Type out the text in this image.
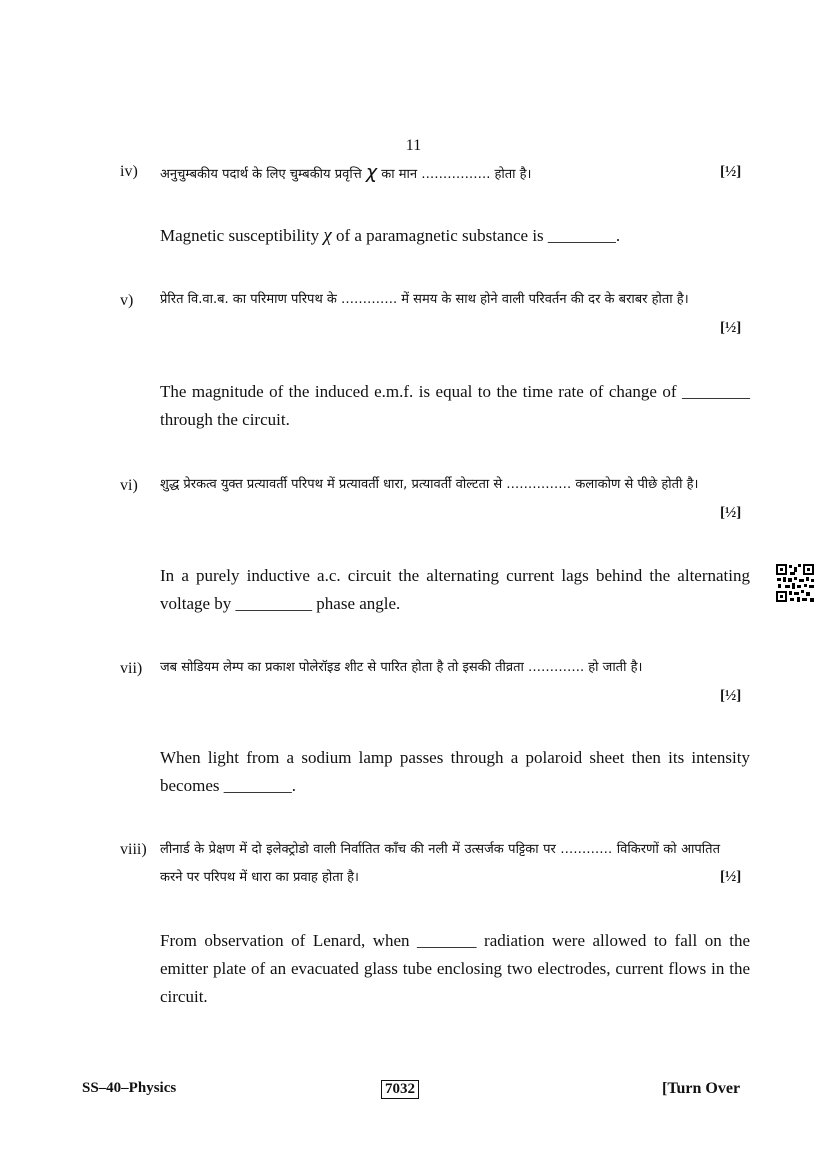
11
iv) अनुचुम्बकीय पदार्थ के लिए चुम्बकीय प्रवृत्ति χ का मान ……………. होता है।	[½]
Magnetic susceptibility χ of a paramagnetic substance is ________.
v) प्रेरित वि.वा.ब. का परिमाण परिपथ के …………. में समय के साथ होने वाली परिवर्तन की दर के बराबर होता है।
[½]
The magnitude of the induced e.m.f. is equal to the time rate of change of ________ through the circuit.
vi) शुद्ध प्रेरकत्व युक्त प्रत्यावर्ती परिपथ में प्रत्यावर्ती धारा, प्रत्यावर्ती वोल्टता से …………… कलाकोण से पीछे होती है।
[½]
In a purely inductive a.c. circuit the alternating current lags behind the alternating voltage by _________ phase angle.
vii) जब सोडियम लेम्प का प्रकाश पोलेरॉइड शीट से पारित होता है तो इसकी तीव्रता …………. हो जाती है।
[½]
When light from a sodium lamp passes through a polaroid sheet then its intensity becomes ________.
viii) लीनार्ड के प्रेक्षण में दो इलेक्ट्रोडो वाली निर्वातित काँच की नली में उत्सर्जक पट्टिका पर ………… विकिरणों को आपतित करने पर परिपथ में धारा का प्रवाह होता है।	[½]
From observation of Lenard, when _______ radiation were allowed to fall on the emitter plate of an evacuated glass tube enclosing two electrodes, current flows in the circuit.
SS–40–Physics	7032	[Turn Over
